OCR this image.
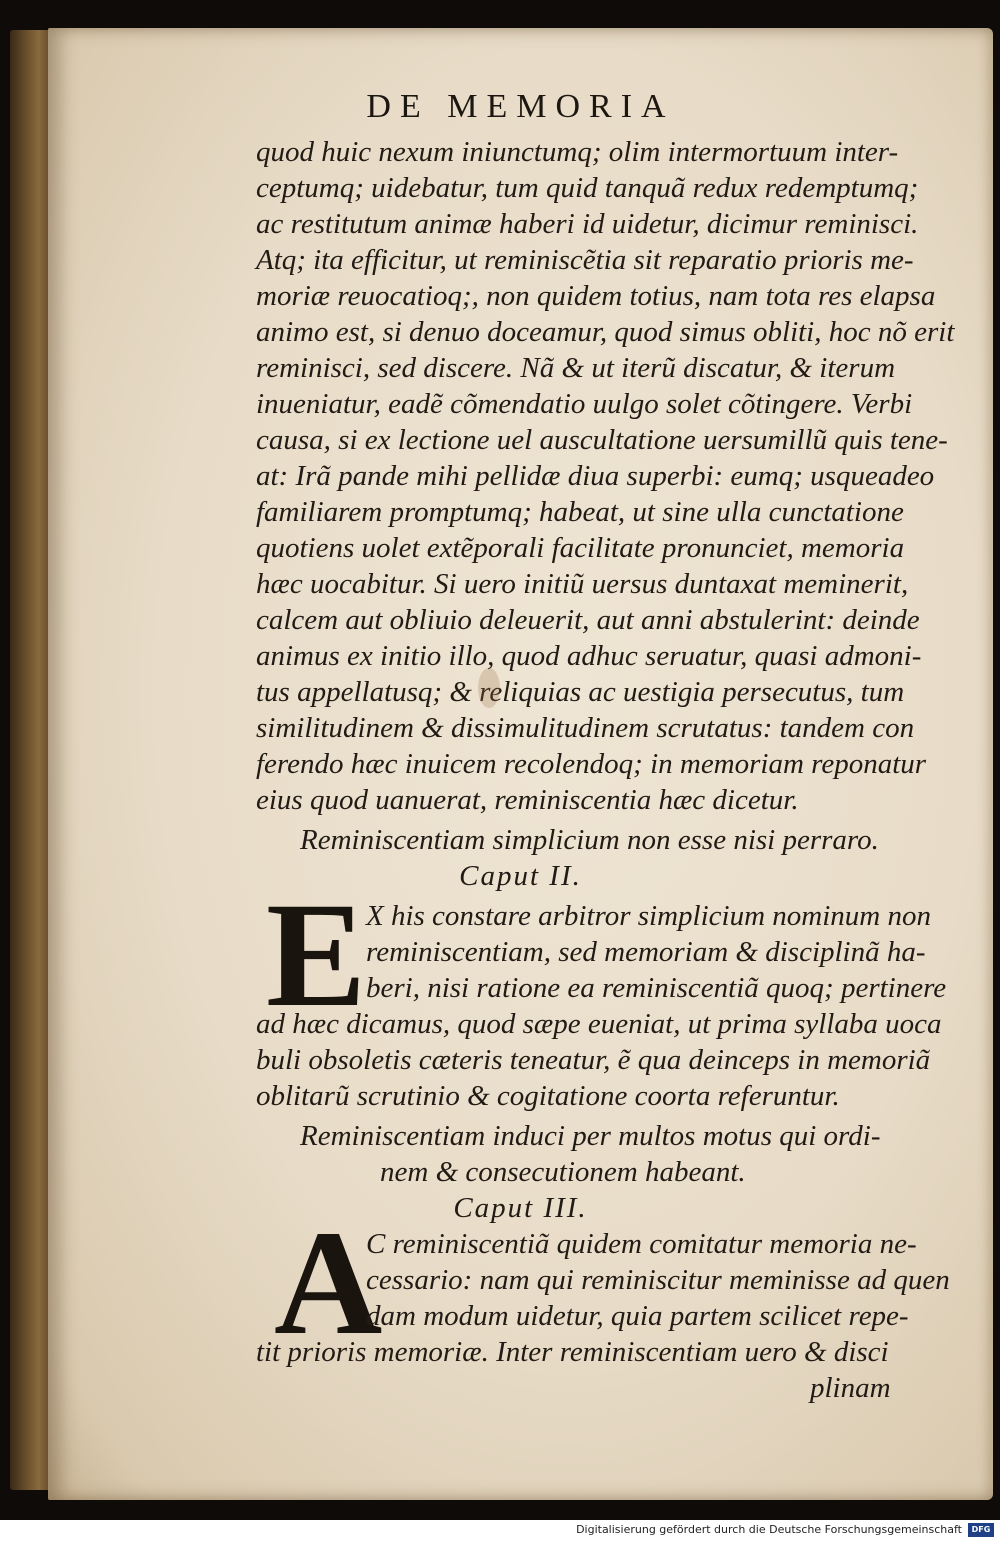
DE MEMORIA
quod huic nexum iniunctumq; olim intermortuum inter-
ceptumq; uidebatur, tum quid tanquã redux redemptumq;
ac restitutum animæ haberi id uidetur, dicimur reminisci.
Atq; ita efficitur, ut reminiscẽtia sit reparatio prioris me-
moriæ reuocatioq;, non quidem totius, nam tota res elapsa
animo est, si denuo doceamur, quod simus obliti, hoc nõ erit
reminisci, sed discere. Nã & ut iterũ discatur, & iterum
inueniatur, eadẽ cõmendatio uulgo solet cõtingere. Verbi
causa, si ex lectione uel auscultatione uersumillũ quis tene-
at: Irã pande mihi pellidæ diua superbi: eumq; usqueadeo
familiarem promptumq; habeat, ut sine ulla cunctatione
quotiens uolet extẽporali facilitate pronunciet, memoria
hæc uocabitur. Si uero initiũ uersus duntaxat meminerit,
calcem aut obliuio deleuerit, aut anni abstulerint: deinde
animus ex initio illo, quod adhuc seruatur, quasi admoni-
tus appellatusq; & reliquias ac uestigia persecutus, tum
similitudinem & dissimulitudinem scrutatus: tandem con
ferendo hæc inuicem recolendoq; in memoriam reponatur
eius quod uanuerat, reminiscentia hæc dicetur.
Reminiscentiam simplicium non esse nisi perraro.
Caput II.
E X his constare arbitror simplicium nominum non
reminiscentiam, sed memoriam & disciplinã ha-
beri, nisi ratione ea reminiscentiã quoq; pertinere
ad hæc dicamus, quod sæpe eueniat, ut prima syllaba uoca
buli obsoletis cæteris teneatur, ẽ qua deinceps in memoriã
oblitarũ scrutinio & cogitatione coorta referuntur.
Reminiscentiam induci per multos motus qui ordi-
nem & consecutionem habeant.
Caput III.
A
C reminiscentiã quidem comitatur memoria ne-
cessario: nam qui reminiscitur meminisse ad quen
dam modum uidetur, quia partem scilicet repe-
tit prioris memoriæ. Inter reminiscentiam uero & disci
plinam
Digitalisierung gefördert durch die Deutsche Forschungsgemeinschaft	DFG
